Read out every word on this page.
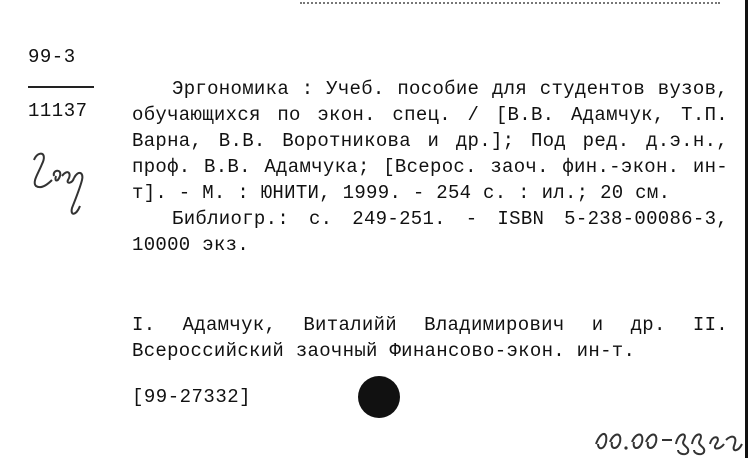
99-3
11137

Эргономика : Учеб. пособие для студентов вузов, обучающихся по экон. спец. / [В.В. Адамчук, Т.П. Варна, В.В. Воротникова и др.]; Под ред. д.э.н., проф. В.В. Адамчука; [Всерос. заоч. фин.-экон. ин-т]. - М. : ЮНИТИ, 1999. - 254 с. : ил.; 20 см.

Библиогр.: с. 249-251. - ISBN 5-238-00086-3, 10000 экз.

I. Адамчук, Виталийй Владимирович и др. II. Всероссийский заочный Финансово-экон. ин-т.

[99-27332]
